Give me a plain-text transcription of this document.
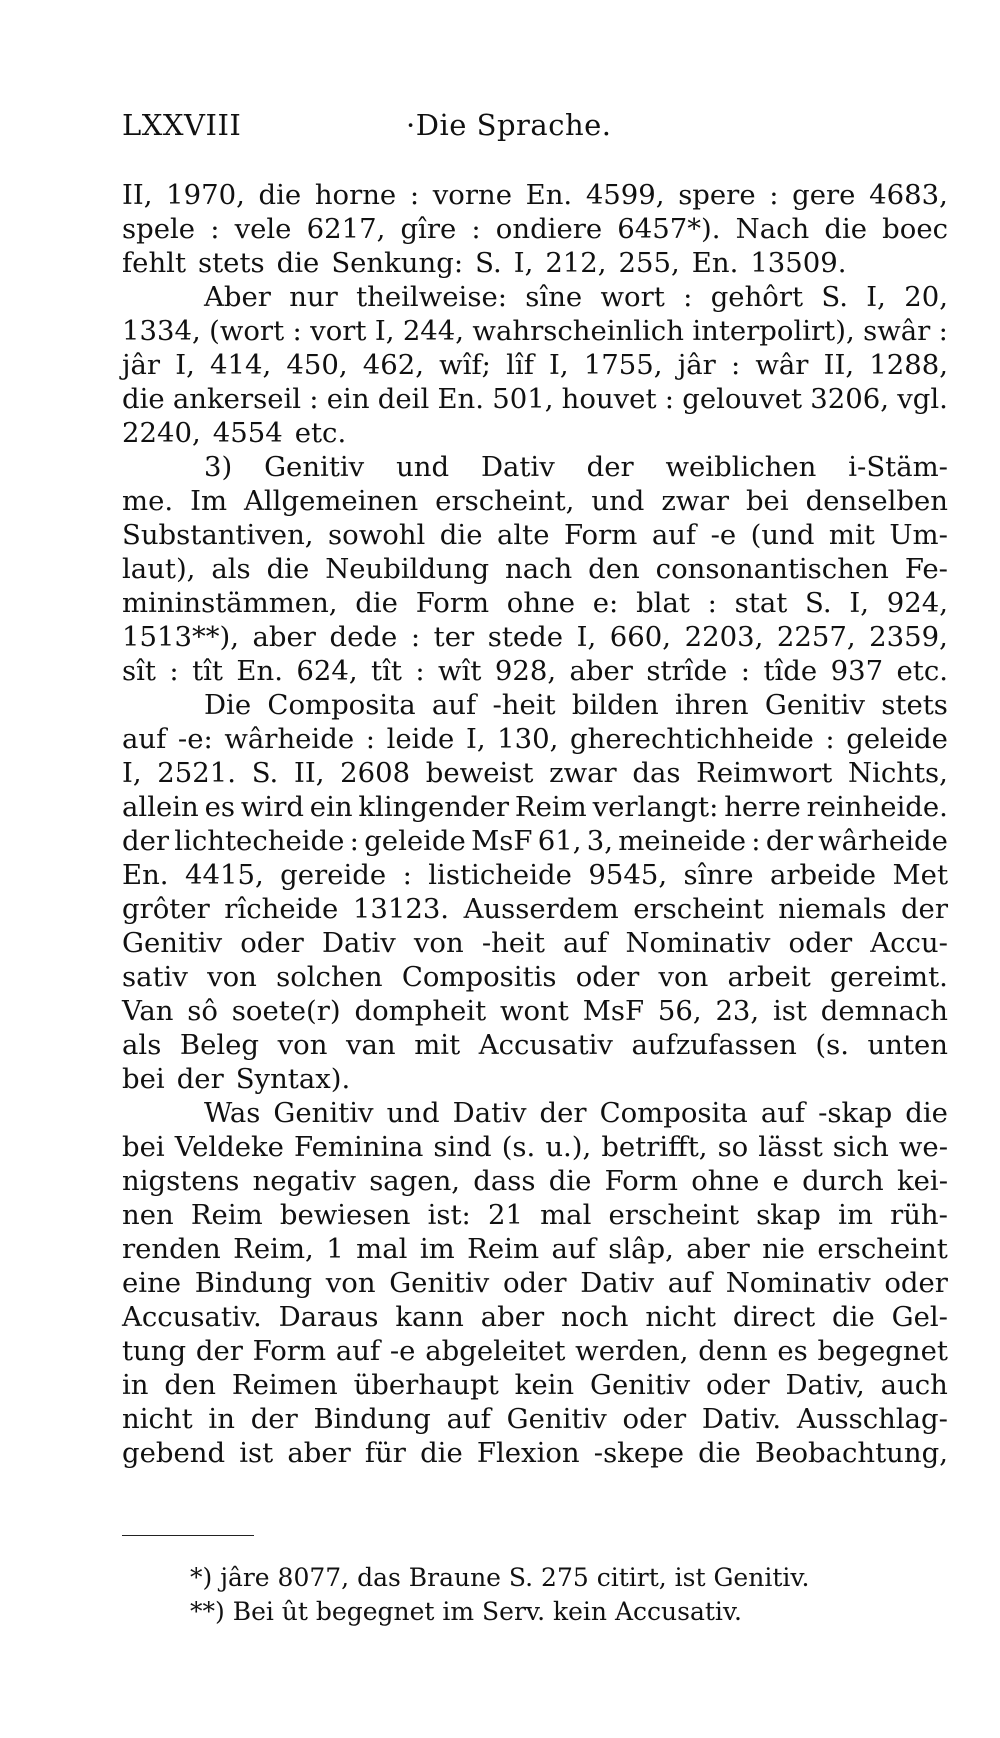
LXXVIII	·Die Sprache.
II, 1970, die horne : vorne En. 4599, spere : gere 4683,
spele : vele 6217, gîre : ondiere 6457*). Nach die boec
fehlt stets die Senkung: S. I, 212, 255, En. 13509.
Aber nur theilweise: sîne wort : gehôrt S. I, 20,
1334, (wort : vort I, 244, wahrscheinlich interpolirt), swâr :
jâr I, 414, 450, 462, wîf; lîf I, 1755, jâr : wâr II, 1288,
die ankerseil : ein deil En. 501, houvet : gelouvet 3206, vgl.
2240, 4554 etc.
3) Genitiv und Dativ der weiblichen i-Stäm-
me. Im Allgemeinen erscheint, und zwar bei denselben
Substantiven, sowohl die alte Form auf -e (und mit Um-
laut), als die Neubildung nach den consonantischen Fe-
mininstämmen, die Form ohne e: blat : stat S. I, 924,
1513**), aber dede : ter stede I, 660, 2203, 2257, 2359,
sît : tît En. 624, tît : wît 928, aber strîde : tîde 937 etc.
Die Composita auf -heit bilden ihren Genitiv stets
auf -e: wârheide : leide I, 130, gherechtichheide : geleide
I, 2521. S. II, 2608 beweist zwar das Reimwort Nichts,
allein es wird ein klingender Reim verlangt: herre reinheide.
der lichtecheide : geleide MsF 61, 3, meineide : der wârheide
En. 4415, gereide : listicheide 9545, sînre arbeide Met
grôter rîcheide 13123. Ausserdem erscheint niemals der
Genitiv oder Dativ von -heit auf Nominativ oder Accu-
sativ von solchen Compositis oder von arbeit gereimt.
Van sô soete(r) dompheit wont MsF 56, 23, ist demnach
als Beleg von van mit Accusativ aufzufassen (s. unten
bei der Syntax).
Was Genitiv und Dativ der Composita auf -skap die
bei Veldeke Feminina sind (s. u.), betrifft, so lässt sich we-
nigstens negativ sagen, dass die Form ohne e durch kei-
nen Reim bewiesen ist: 21 mal erscheint skap im rüh-
renden Reim, 1 mal im Reim auf slâp, aber nie erscheint
eine Bindung von Genitiv oder Dativ auf Nominativ oder
Accusativ. Daraus kann aber noch nicht direct die Gel-
tung der Form auf -e abgeleitet werden, denn es begegnet
in den Reimen überhaupt kein Genitiv oder Dativ, auch
nicht in der Bindung auf Genitiv oder Dativ. Ausschlag-
gebend ist aber für die Flexion -skepe die Beobachtung,
*) jâre 8077, das Braune S. 275 citirt, ist Genitiv.
**) Bei ût begegnet im Serv. kein Accusativ.
